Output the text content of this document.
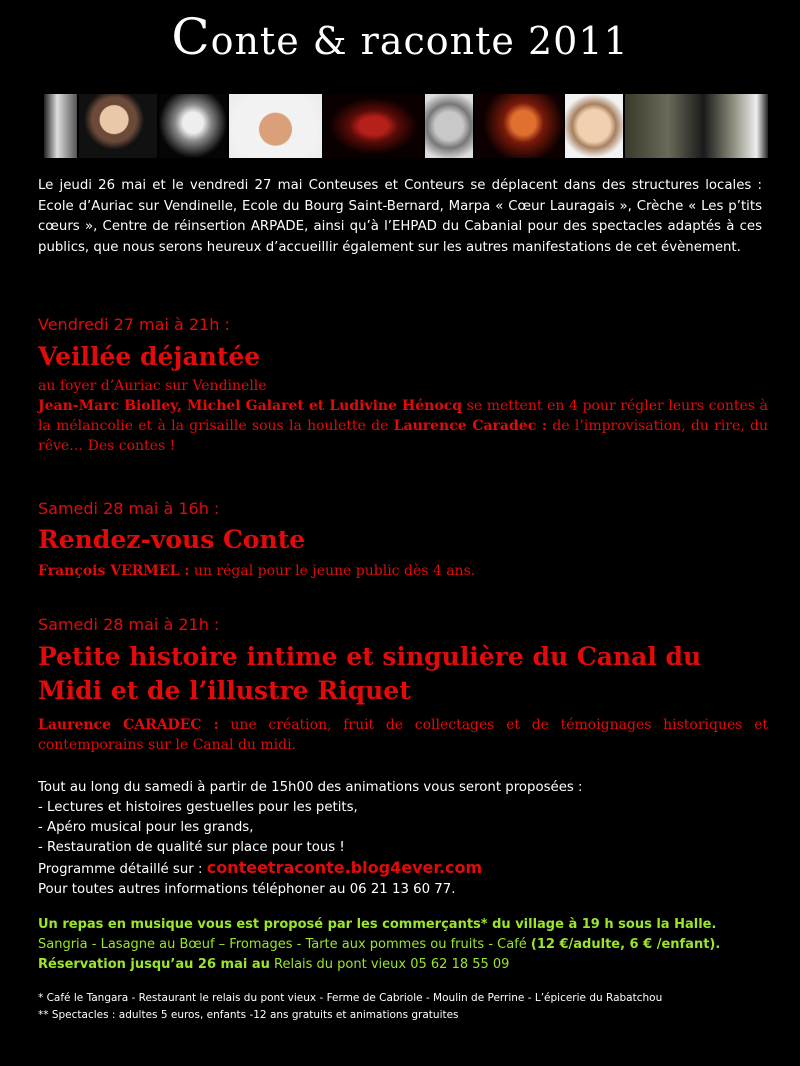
Conte & raconte 2011
Le jeudi 26 mai et le vendredi 27 mai Conteuses et Conteurs se déplacent dans des structures locales : Ecole d’Auriac sur Vendinelle, Ecole du Bourg Saint-Bernard, Marpa « Cœur Lauragais », Crèche « Les p’tits cœurs », Centre de réinsertion ARPADE, ainsi qu’à l’EHPAD du Cabanial pour des spectacles adaptés à ces publics, que nous serons heureux d’accueillir également sur les autres manifestations de cet évènement.
Vendredi 27 mai à 21h :
Veillée déjantée
au foyer d’Auriac sur Vendinelle
Jean-Marc Biolley, Michel Galaret et Ludivine Hénocq se mettent en 4 pour régler leurs contes à la mélancolie et à la grisaille sous la houlette de Laurence Caradec : de l’improvisation, du rire, du rêve… Des contes !
Samedi 28 mai à 16h :
Rendez-vous Conte
François VERMEL : un régal pour le jeune public dès 4 ans.
Samedi 28 mai à 21h :
Petite histoire intime et singulière du Canal du
Midi et de l’illustre Riquet
Laurence CARADEC : une création, fruit de collectages et de témoignages historiques et contemporains sur le Canal du midi.
Tout au long du samedi à partir de 15h00 des animations vous seront proposées :
- Lectures et histoires gestuelles pour les petits,
- Apéro musical pour les grands,
- Restauration de qualité sur place pour tous !
Programme détaillé sur : conteetraconte.blog4ever.com
Pour toutes autres informations téléphoner au 06 21 13 60 77.
Un repas en musique vous est proposé par les commerçants* du village à 19 h sous la Halle.
Sangria - Lasagne au Bœuf – Fromages - Tarte aux pommes ou fruits - Café (12 €/adulte, 6 € /enfant).
Réservation jusqu’au 26 mai au Relais du pont vieux 05 62 18 55 09
* Café le Tangara - Restaurant le relais du pont vieux - Ferme de Cabriole - Moulin de Perrine - L’épicerie du Rabatchou
** Spectacles : adultes 5 euros, enfants -12 ans gratuits et animations gratuites
